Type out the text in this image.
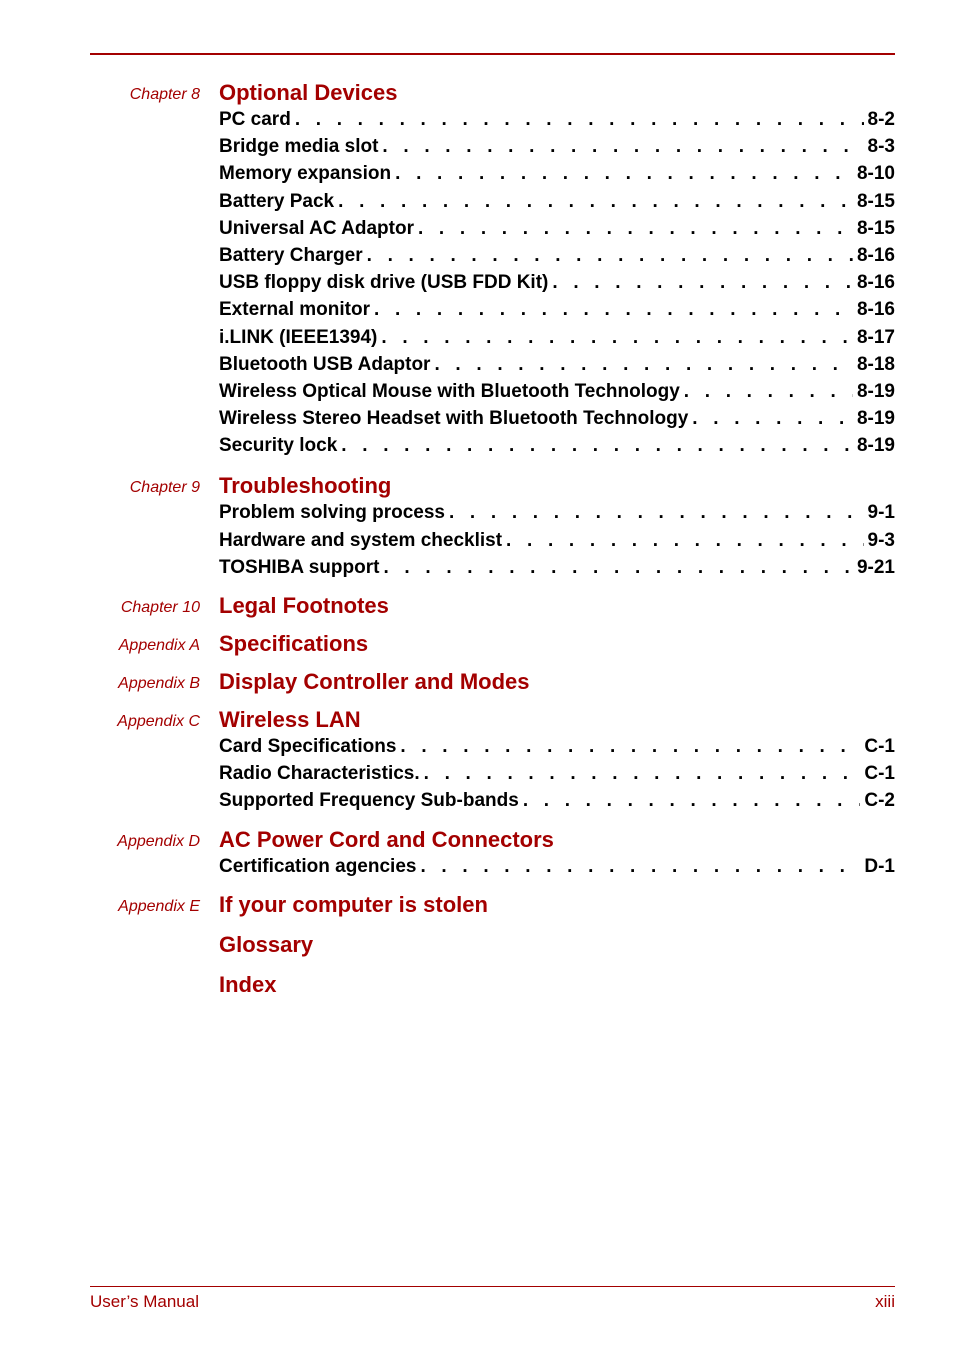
Chapter 8 Optional Devices
PC card . . .	8-2
Bridge media slot . . .	8-3
Memory expansion . . .	8-10
Battery Pack . . .	8-15
Universal AC Adaptor . . .	8-15
Battery Charger . . .	8-16
USB floppy disk drive (USB FDD Kit) . . .	8-16
External monitor . . .	8-16
i.LINK (IEEE1394) . . .	8-17
Bluetooth USB Adaptor . . .	8-18
Wireless Optical Mouse with Bluetooth Technology . . .	8-19
Wireless Stereo Headset with Bluetooth Technology . . .	8-19
Security lock . . .	8-19
Chapter 9 Troubleshooting
Problem solving process . . .	9-1
Hardware and system checklist . . .	9-3
TOSHIBA support . . .	9-21
Chapter 10 Legal Footnotes
Appendix A Specifications
Appendix B Display Controller and Modes
Appendix C Wireless LAN
Card Specifications . . .	C-1
Radio Characteristics. . . .	C-1
Supported Frequency Sub-bands . . .	C-2
Appendix D AC Power Cord and Connectors
Certification agencies . . .	D-1
Appendix E If your computer is stolen
Glossary
Index
User’s Manual	xiii
